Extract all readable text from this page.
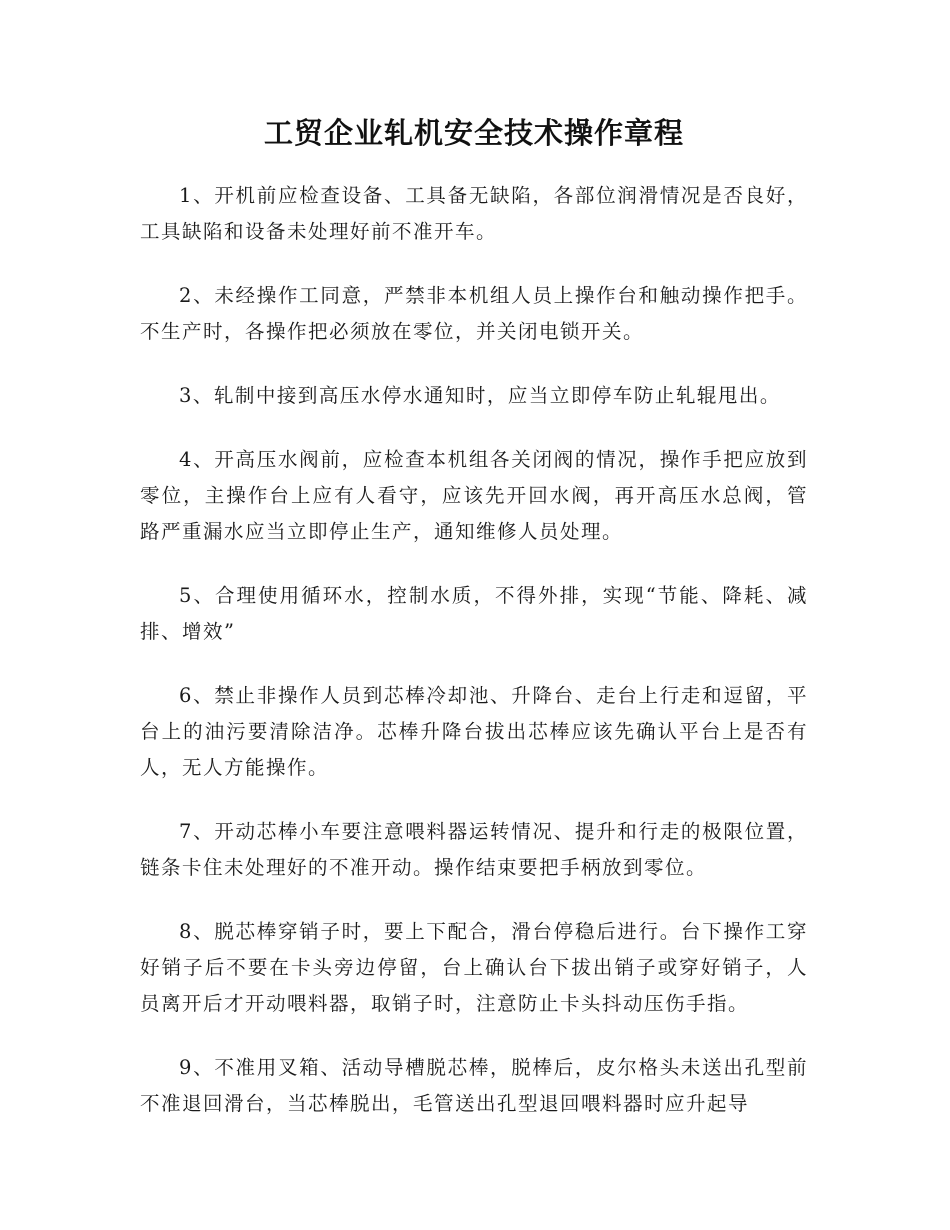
工贸企业轧机安全技术操作章程

1、开机前应检查设备、工具备无缺陷，各部位润滑情况是否良好，工具缺陷和设备未处理好前不准开车。

2、未经操作工同意，严禁非本机组人员上操作台和触动操作把手。不生产时，各操作把必须放在零位，并关闭电锁开关。

3、轧制中接到高压水停水通知时，应当立即停车防止轧辊甩出。

4、开高压水阀前，应检查本机组各关闭阀的情况，操作手把应放到零位，主操作台上应有人看守，应该先开回水阀，再开高压水总阀，管路严重漏水应当立即停止生产，通知维修人员处理。

5、合理使用循环水，控制水质，不得外排，实现“节能、降耗、减排、增效”

6、禁止非操作人员到芯棒冷却池、升降台、走台上行走和逗留，平台上的油污要清除洁净。芯棒升降台拔出芯棒应该先确认平台上是否有人，无人方能操作。

7、开动芯棒小车要注意喂料器运转情况、提升和行走的极限位置，链条卡住未处理好的不准开动。操作结束要把手柄放到零位。

8、脱芯棒穿销子时，要上下配合，滑台停稳后进行。台下操作工穿好销子后不要在卡头旁边停留，台上确认台下拔出销子或穿好销子，人员离开后才开动喂料器，取销子时，注意防止卡头抖动压伤手指。

9、不准用叉箱、活动导槽脱芯棒，脱棒后，皮尔格头未送出孔型前不准退回滑台，当芯棒脱出，毛管送出孔型退回喂料器时应升起导
